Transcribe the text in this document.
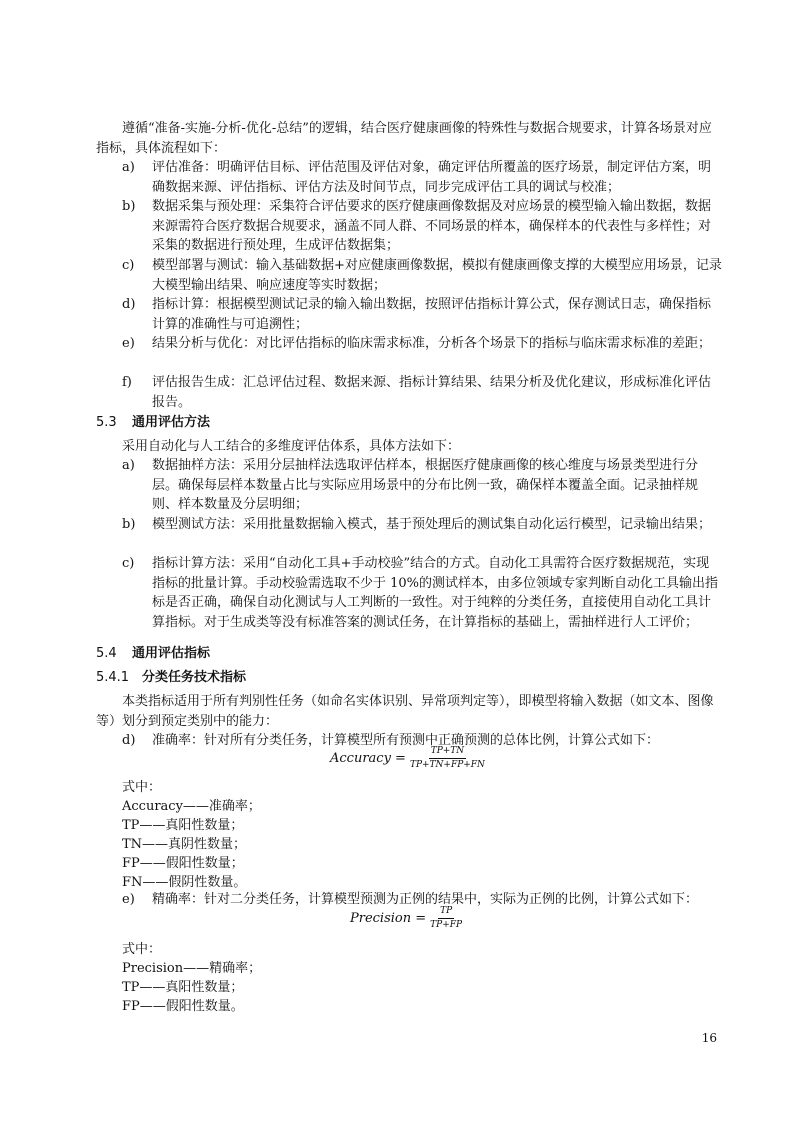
遵循“准备-实施-分析-优化-总结”的逻辑，结合医疗健康画像的特殊性与数据合规要求，计算各场景对应指标，具体流程如下：

a) 评估准备：明确评估目标、评估范围及评估对象，确定评估所覆盖的医疗场景，制定评估方案，明确数据来源、评估指标、评估方法及时间节点，同步完成评估工具的调试与校准；
b) 数据采集与预处理：采集符合评估要求的医疗健康画像数据及对应场景的模型输入输出数据，数据来源需符合医疗数据合规要求，涵盖不同人群、不同场景的样本，确保样本的代表性与多样性；对采集的数据进行预处理，生成评估数据集；
c) 模型部署与测试：输入基础数据+对应健康画像数据，模拟有健康画像支撑的大模型应用场景，记录大模型输出结果、响应速度等实时数据；
d) 指标计算：根据模型测试记录的输入输出数据，按照评估指标计算公式，保存测试日志，确保指标计算的准确性与可追溯性；
e) 结果分析与优化：对比评估指标的临床需求标准，分析各个场景下的指标与临床需求标准的差距；
f) 评估报告生成：汇总评估过程、数据来源、指标计算结果、结果分析及优化建议，形成标准化评估报告。
5.3 通用评估方法

采用自动化与人工结合的多维度评估体系，具体方法如下：

a) 数据抽样方法：采用分层抽样法选取评估样本，根据医疗健康画像的核心维度与场景类型进行分层。确保每层样本数量占比与实际应用场景中的分布比例一致，确保样本覆盖全面。记录抽样规则、样本数量及分层明细；
b) 模型测试方法：采用批量数据输入模式，基于预处理后的测试集自动化运行模型，记录输出结果；
c) 指标计算方法：采用“自动化工具+手动校验”结合的方式。自动化工具需符合医疗数据规范，实现指标的批量计算。手动校验需选取不少于 10%的测试样本，由多位领域专家判断自动化工具输出指标是否正确，确保自动化测试与人工判断的一致性。对于纯粹的分类任务，直接使用自动化工具计算指标。对于生成类等没有标准答案的测试任务，在计算指标的基础上，需抽样进行人工评价；
5.4 通用评估指标
5.4.1 分类任务技术指标

本类指标适用于所有判别性任务（如命名实体识别、异常项判定等），即模型将输入数据（如文本、图像等）划分到预定类别中的能力：

d) 准确率：针对所有分类任务，计算模型所有预测中正确预测的总体比例，计算公式如下：
Accuracy = $\frac{TP+TN}{TP+TN+FP+FN}$

式中：

Accuracy——准确率；

TP——真阳性数量；

TN——真阴性数量；

FP——假阳性数量；

FN——假阴性数量。

e) 精确率：针对二分类任务，计算模型预测为正例的结果中，实际为正例的比例，计算公式如下：
Precision = $\frac{TP}{TP+FP}$

式中：

Precision——精确率；

TP——真阳性数量；

FP——假阳性数量。

16
